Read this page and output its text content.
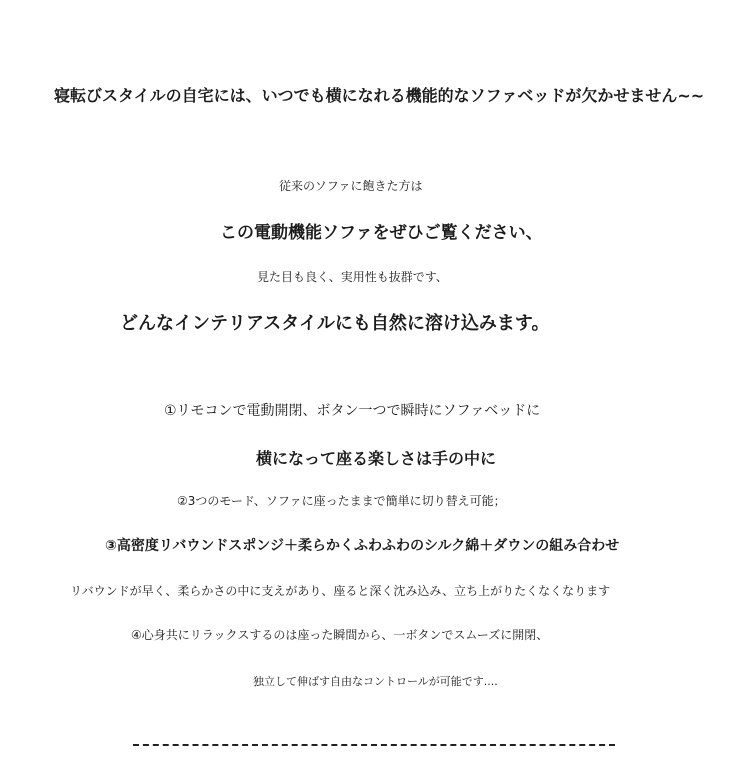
寝転びスタイルの自宅には、いつでも横になれる機能的なソファベッドが欠かせません~~
従来のソファに飽きた方は
この電動機能ソファをぜひご覧ください、
見た目も良く、実用性も抜群です、
どんなインテリアスタイルにも自然に溶け込みます。
①リモコンで電動開閉、ボタン一つで瞬時にソファベッドに
横になって座る楽しさは手の中に
②3つのモード、ソファに座ったままで簡単に切り替え可能；
③高密度リバウンドスポンジ＋柔らかくふわふわのシルク綿＋ダウンの組み合わせ
リバウンドが早く、柔らかさの中に支えがあり、座ると深く沈み込み、立ち上がりたくなくなります
④心身共にリラックスするのは座った瞬間から、一ボタンでスムーズに開閉、
独立して伸ばす自由なコントロールが可能です....
